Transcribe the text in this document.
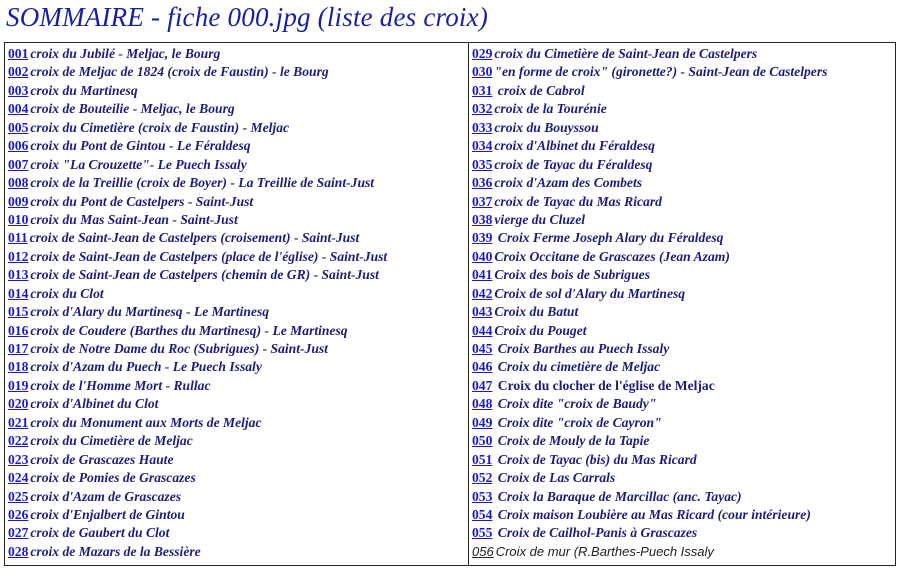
SOMMAIRE - fiche 000.jpg (liste des croix)
001 croix du Jubilé - Meljac, le Bourg
002 croix de Meljac de 1824 (croix de Faustin) - le Bourg
003 croix du Martinesq
004 croix de Bouteilie - Meljac, le Bourg
005 croix du Cimetière (croix de Faustin) - Meljac
006 croix du Pont de Gintou - Le Féraldesq
007 croix "La Crouzette"- Le Puech Issaly
008 croix de la Treillie (croix de Boyer) - La Treillie de Saint-Just
009 croix du Pont de Castelpers - Saint-Just
010 croix du Mas Saint-Jean - Saint-Just
011 croix de Saint-Jean de Castelpers (croisement) - Saint-Just
012 croix de Saint-Jean de Castelpers (place de l'église) - Saint-Just
013 croix de Saint-Jean de Castelpers (chemin de GR) - Saint-Just
014 croix du Clot
015 croix d'Alary du Martinesq - Le Martinesq
016 croix de Coudere (Barthes du Martinesq) - Le Martinesq
017 croix de Notre Dame du Roc (Subrigues) - Saint-Just
018 croix d'Azam du Puech - Le Puech Issaly
019 croix de l'Homme Mort - Rullac
020 croix d'Albinet du Clot
021 croix du Monument aux Morts de Meljac
022 croix du Cimetière de Meljac
023 croix de Grascazes Haute
024 croix de Pomies de Grascazes
025 croix d'Azam de Grascazes
026 croix d'Enjalbert de Gintou
027 croix de Gaubert du Clot
028 croix de Mazars de la Bessière
029 croix du Cimetière de Saint-Jean de Castelpers
030 "en forme de croix" (gironette?) - Saint-Jean de Castelpers
031 croix de Cabrol
032 croix de la Tourénie
033 croix du Bouyssou
034 croix d'Albinet du Féraldesq
035 croix de Tayac du Féraldesq
036 croix d'Azam des Combets
037 croix de Tayac du Mas Ricard
038 vierge du Cluzel
039 Croix Ferme Joseph Alary du Féraldesq
040 Croix Occitane de Grascazes (Jean Azam)
041 Croix des bois de Subrigues
042 Croix de sol d'Alary du Martinesq
043 Croix du Batut
044 Croix du Pouget
045 Croix Barthes au Puech Issaly
046 Croix du cimetière de Meljac
047 Croix du clocher de l'église de Meljac
048 Croix dite "croix de Baudy"
049 Croix dite "croix de Cayron"
050 Croix de Mouly de la Tapie
051 Croix de Tayac (bis) du Mas Ricard
052 Croix de Las Carrals
053 Croix la Baraque de Marcillac (anc. Tayac)
054 Croix maison Loubière au Mas Ricard (cour intérieure)
055 Croix de Cailhol-Panis à Grascazes
056 Croix de mur (R.Barthes-Puech Issaly
